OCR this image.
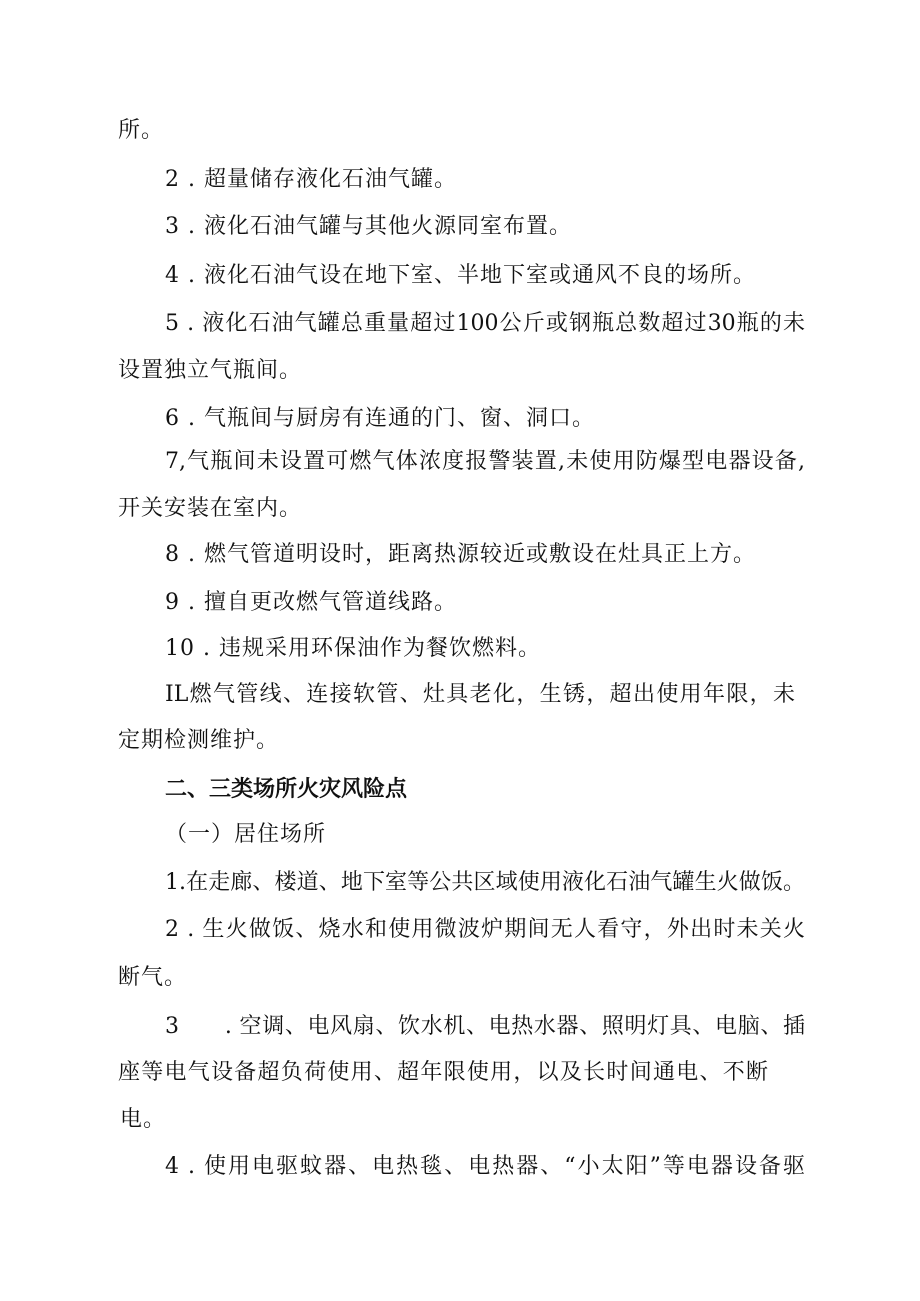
所。
2 . 超量储存液化石油气罐。
3 . 液化石油气罐与其他火源同室布置。
4 . 液化石油气设在地下室、半地下室或通风不良的场所。
5 . 液化石油气罐总重量超过100公斤或钢瓶总数超过30瓶的未
设置独立气瓶间。
6 . 气瓶间与厨房有连通的门、窗、洞口。
7,气瓶间未设置可燃气体浓度报警装置,未使用防爆型电器设备,
开关安装在室内。
8 . 燃气管道明设时，距离热源较近或敷设在灶具正上方。
9 . 擅自更改燃气管道线路。
10 . 违规采用环保油作为餐饮燃料。
IL燃气管线、连接软管、灶具老化，生锈，超出使用年限，未
定期检测维护。
二、三类场所火灾风险点
（一）居住场所
1.在走廊、楼道、地下室等公共区域使用液化石油气罐生火做饭。
2 . 生火做饭、烧水和使用微波炉期间无人看守，外出时未关火
断气。
3　　. 空调、电风扇、饮水机、电热水器、照明灯具、电脑、插
座等电气设备超负荷使用、超年限使用，以及长时间通电、不断
电。
4 . 使用电驱蚊器、电热毯、电热器、“小太阳”等电器设备驱
